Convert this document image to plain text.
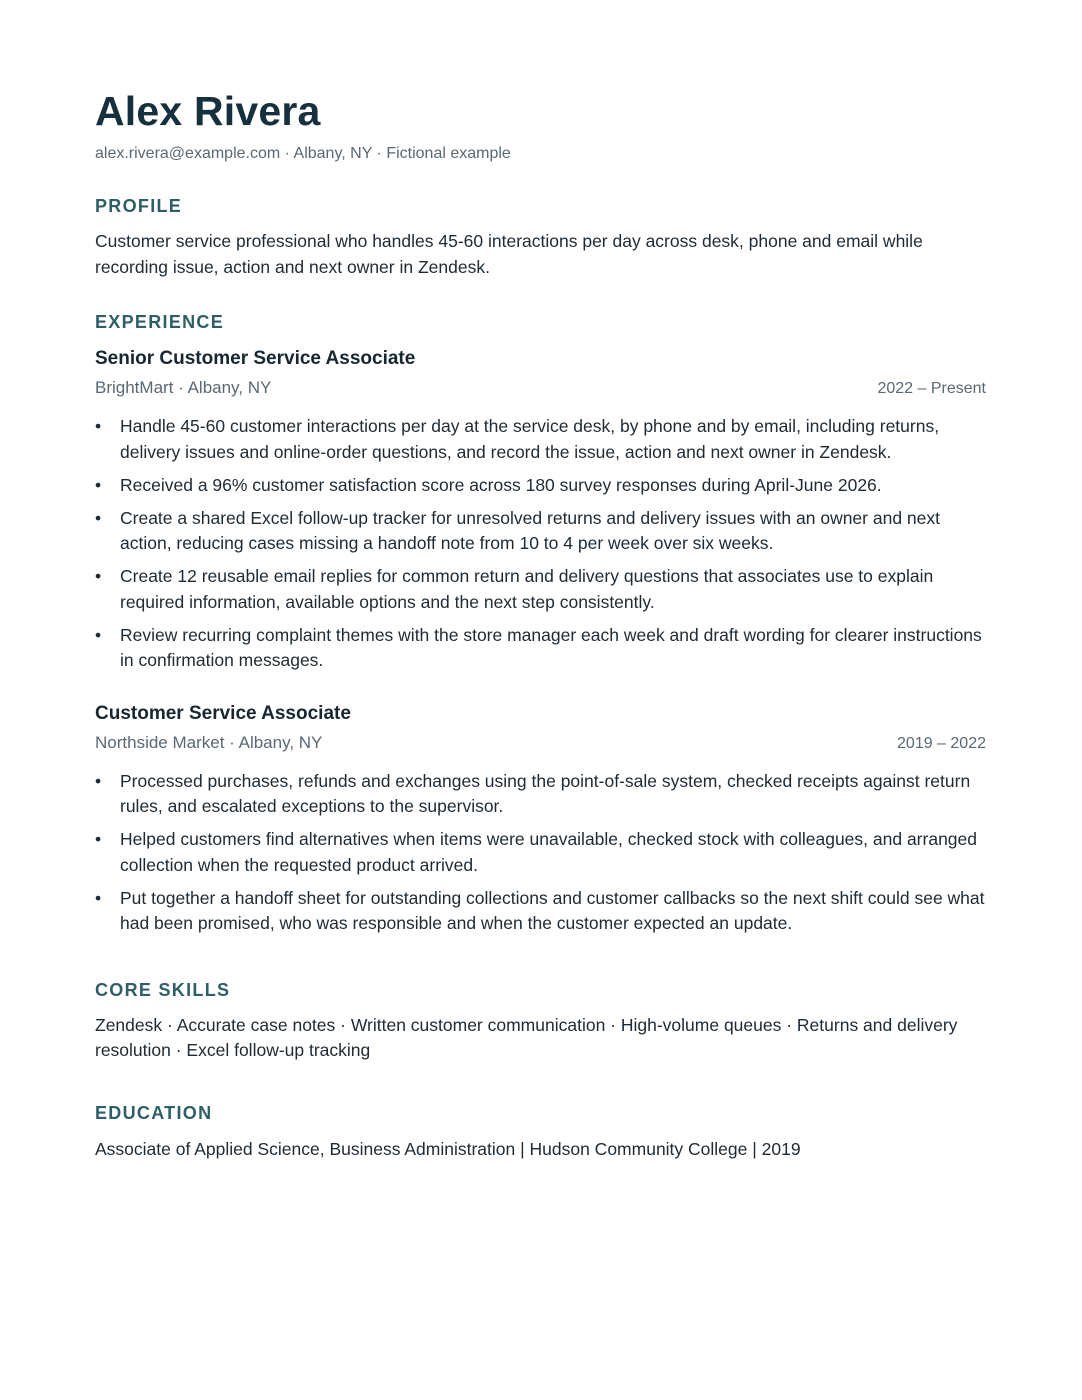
Alex Rivera
alex.rivera@example.com · Albany, NY · Fictional example
PROFILE
Customer service professional who handles 45-60 interactions per day across desk, phone and email while recording issue, action and next owner in Zendesk.
EXPERIENCE
Senior Customer Service Associate
BrightMart · Albany, NY	2022 – Present
•	Handle 45-60 customer interactions per day at the service desk, by phone and by email, including returns, delivery issues and online-order questions, and record the issue, action and next owner in Zendesk.
•	Received a 96% customer satisfaction score across 180 survey responses during April-June 2026.
•	Create a shared Excel follow-up tracker for unresolved returns and delivery issues with an owner and next action, reducing cases missing a handoff note from 10 to 4 per week over six weeks.
•	Create 12 reusable email replies for common return and delivery questions that associates use to explain required information, available options and the next step consistently.
•	Review recurring complaint themes with the store manager each week and draft wording for clearer instructions in confirmation messages.
Customer Service Associate
Northside Market · Albany, NY	2019 – 2022
•	Processed purchases, refunds and exchanges using the point-of-sale system, checked receipts against return rules, and escalated exceptions to the supervisor.
•	Helped customers find alternatives when items were unavailable, checked stock with colleagues, and arranged collection when the requested product arrived.
•	Put together a handoff sheet for outstanding collections and customer callbacks so the next shift could see what had been promised, who was responsible and when the customer expected an update.
CORE SKILLS
Zendesk · Accurate case notes · Written customer communication · High-volume queues · Returns and delivery resolution · Excel follow-up tracking
EDUCATION
Associate of Applied Science, Business Administration | Hudson Community College | 2019
